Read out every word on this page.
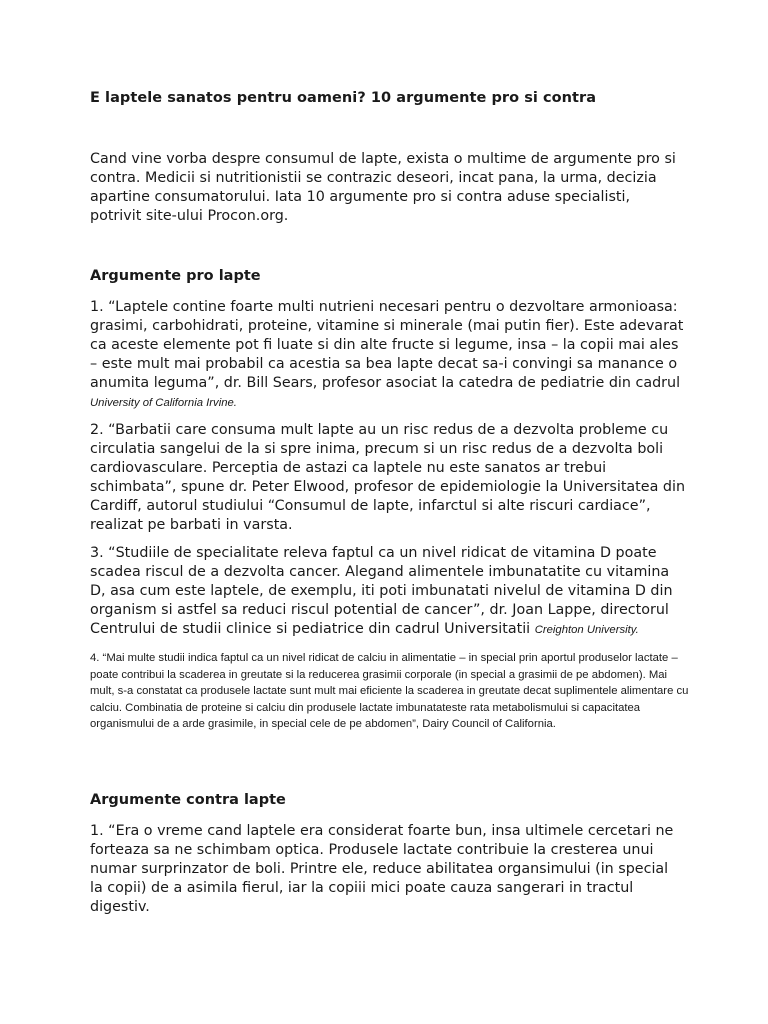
E laptele sanatos pentru oameni? 10 argumente pro si contra

Cand vine vorba despre consumul de lapte, exista o multime de argumente pro si contra. Medicii si nutritionistii se contrazic deseori, incat pana, la urma, decizia apartine consumatorului. Iata 10 argumente pro si contra aduse specialisti, potrivit site-ului Procon.org.

Argumente pro lapte

1. “Laptele contine foarte multi nutrieni necesari pentru o dezvoltare armonioasa: grasimi, carbohidrati, proteine, vitamine si minerale (mai putin fier). Este adevarat ca aceste elemente pot fi luate si din alte fructe si legume, insa – la copii mai ales – este mult mai probabil ca acestia sa bea lapte decat sa-i convingi sa manance o anumita leguma”, dr. Bill Sears, profesor asociat la catedra de pediatrie din cadrul University of California Irvine.

2. “Barbatii care consuma mult lapte au un risc redus de a dezvolta probleme cu circulatia sangelui de la si spre inima, precum si un risc redus de a dezvolta boli cardiovasculare. Perceptia de astazi ca laptele nu este sanatos ar trebui schimbata”, spune dr. Peter Elwood, profesor de epidemiologie la Universitatea din Cardiff, autorul studiului “Consumul de lapte, infarctul si alte riscuri cardiace”, realizat pe barbati in varsta.

3. “Studiile de specialitate releva faptul ca un nivel ridicat de vitamina D poate scadea riscul de a dezvolta cancer. Alegand alimentele imbunatatite cu vitamina D, asa cum este laptele, de exemplu, iti poti imbunatati nivelul de vitamina D din organism si astfel sa reduci riscul potential de cancer”, dr. Joan Lappe, directorul Centrului de studii clinice si pediatrice din cadrul Universitatii Creighton University.

4. “Mai multe studii indica faptul ca un nivel ridicat de calciu in alimentatie – in special prin aportul produselor lactate – poate contribui la scaderea in greutate si la reducerea grasimii corporale (in special a grasimii de pe abdomen). Mai mult, s-a constatat ca produsele lactate sunt mult mai eficiente la scaderea in greutate decat suplimentele alimentare cu calciu. Combinatia de proteine si calciu din produsele lactate imbunatateste rata metabolismului si capacitatea organismului de a arde grasimile, in special cele de pe abdomen”, Dairy Council of California.

Argumente contra lapte

1. “Era o vreme cand laptele era considerat foarte bun, insa ultimele cercetari ne forteaza sa ne schimbam optica. Produsele lactate contribuie la cresterea unui numar surprinzator de boli. Printre ele, reduce abilitatea organsimului (in special la copii) de a asimila fierul, iar la copiii mici poate cauza sangerari in tractul digestiv.
